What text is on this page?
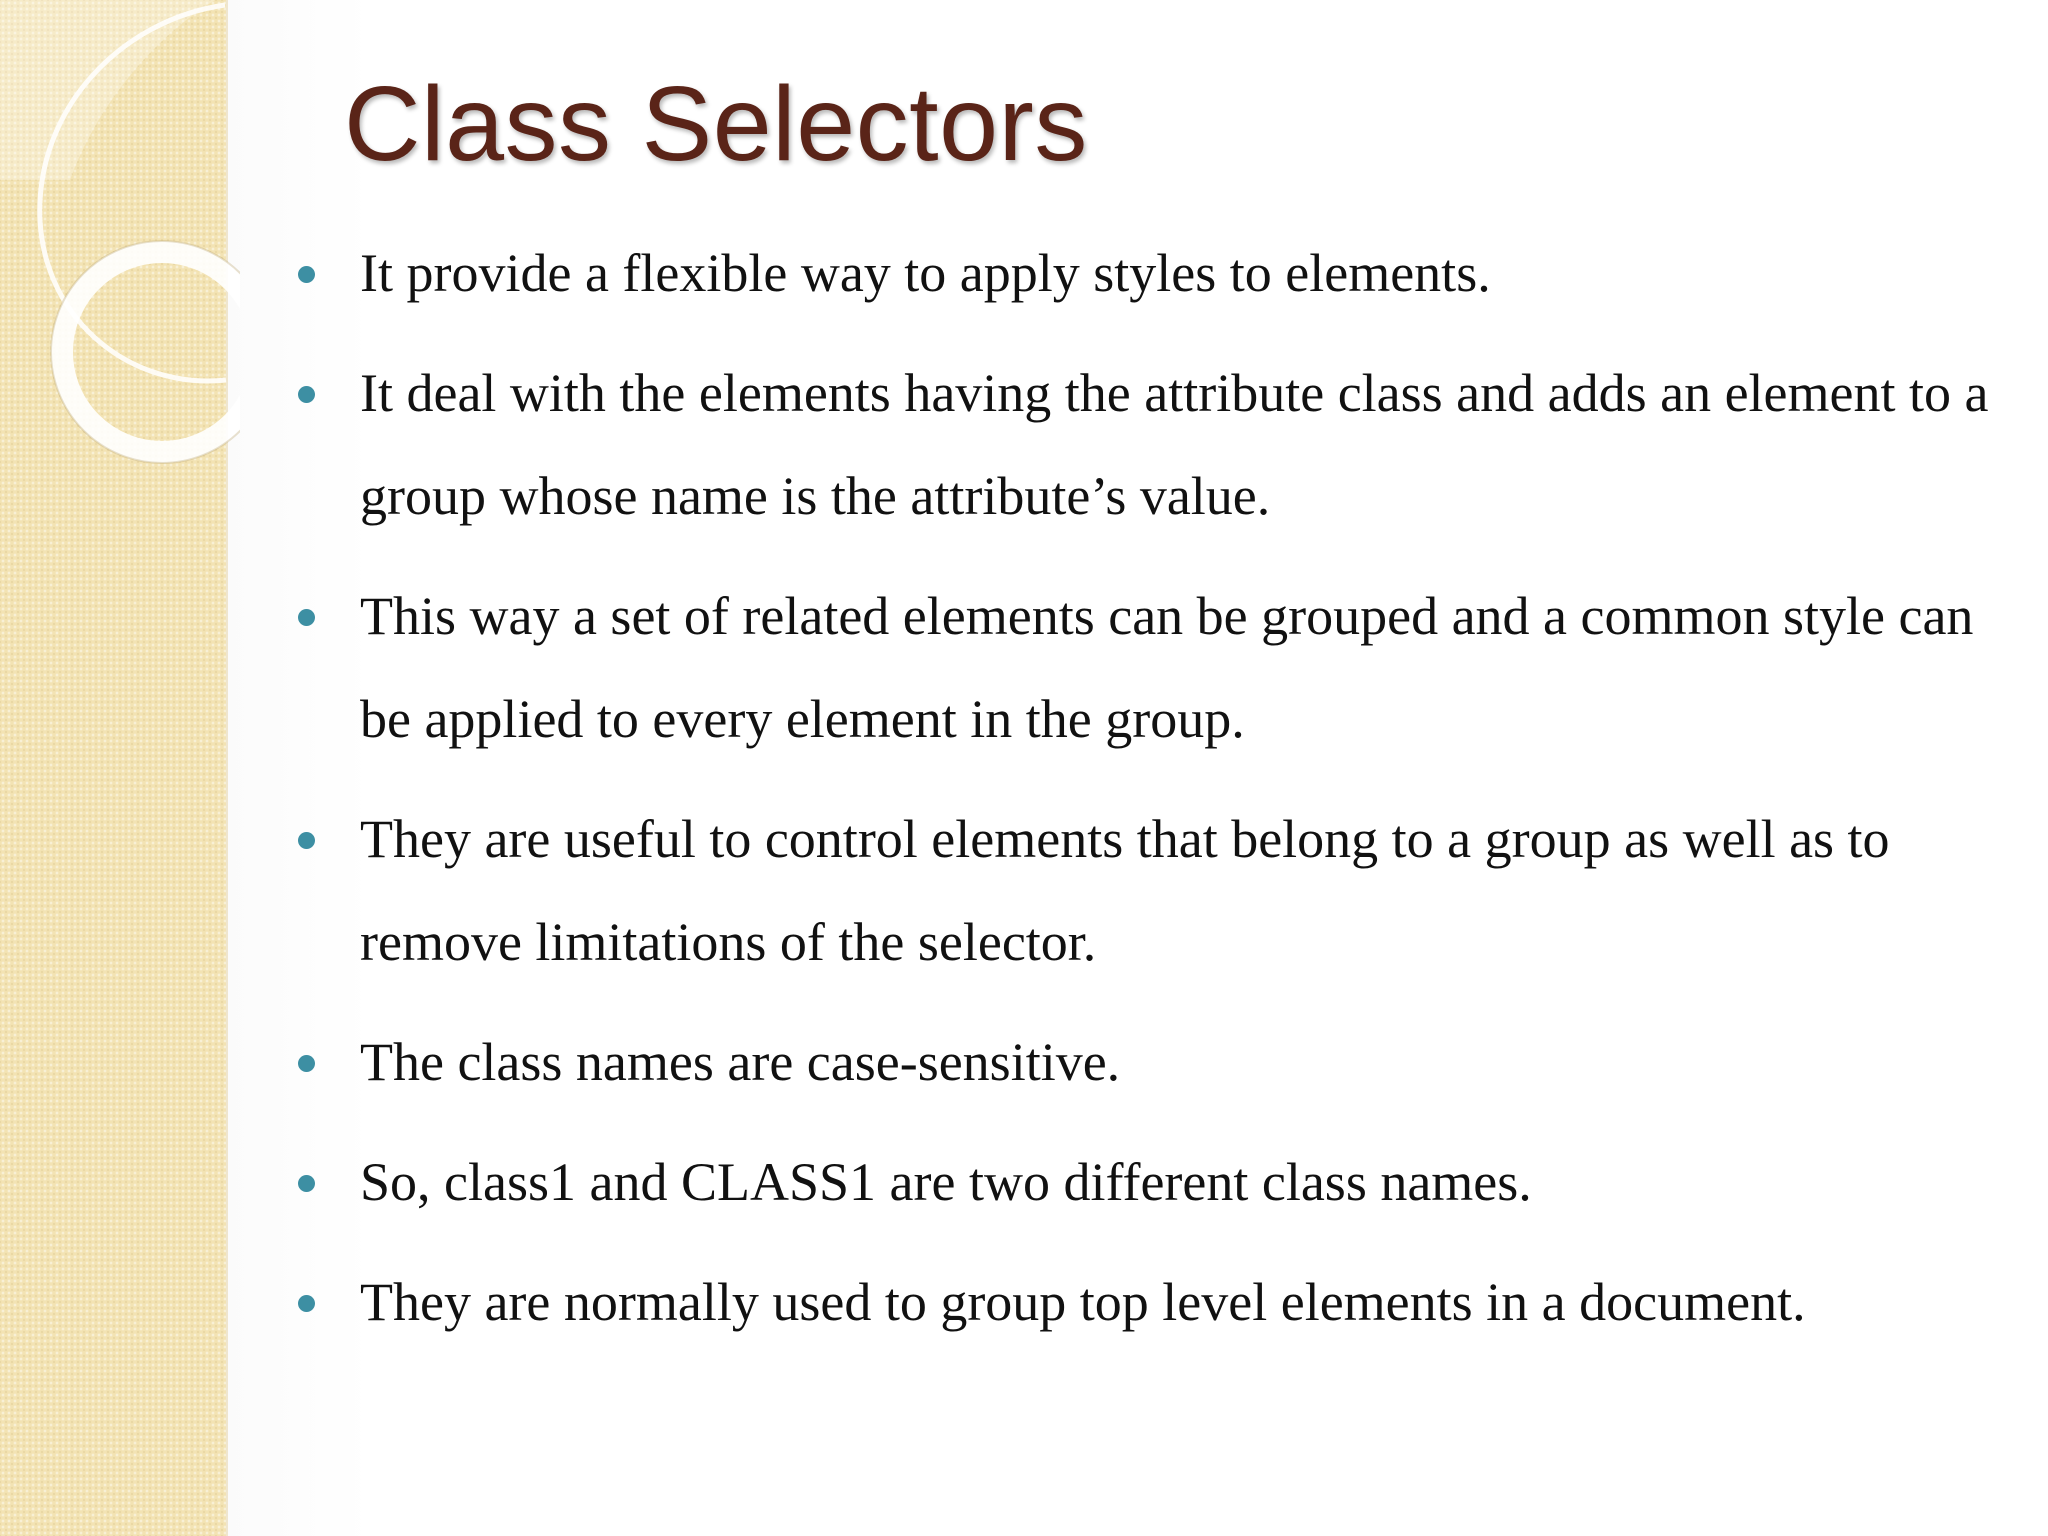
Class Selectors
It provide a flexible way to apply styles to elements.
It deal with the elements having the attribute class and adds an element to a group whose name is the attribute’s value.
This way a set of related elements can be grouped and a common style can be applied to every element in the group.
They are useful to control elements that belong to a group as well as to remove limitations of the selector.
The class names are case-sensitive.
So, class1 and CLASS1 are two different class names.
They are normally used to group top level elements in a document.
